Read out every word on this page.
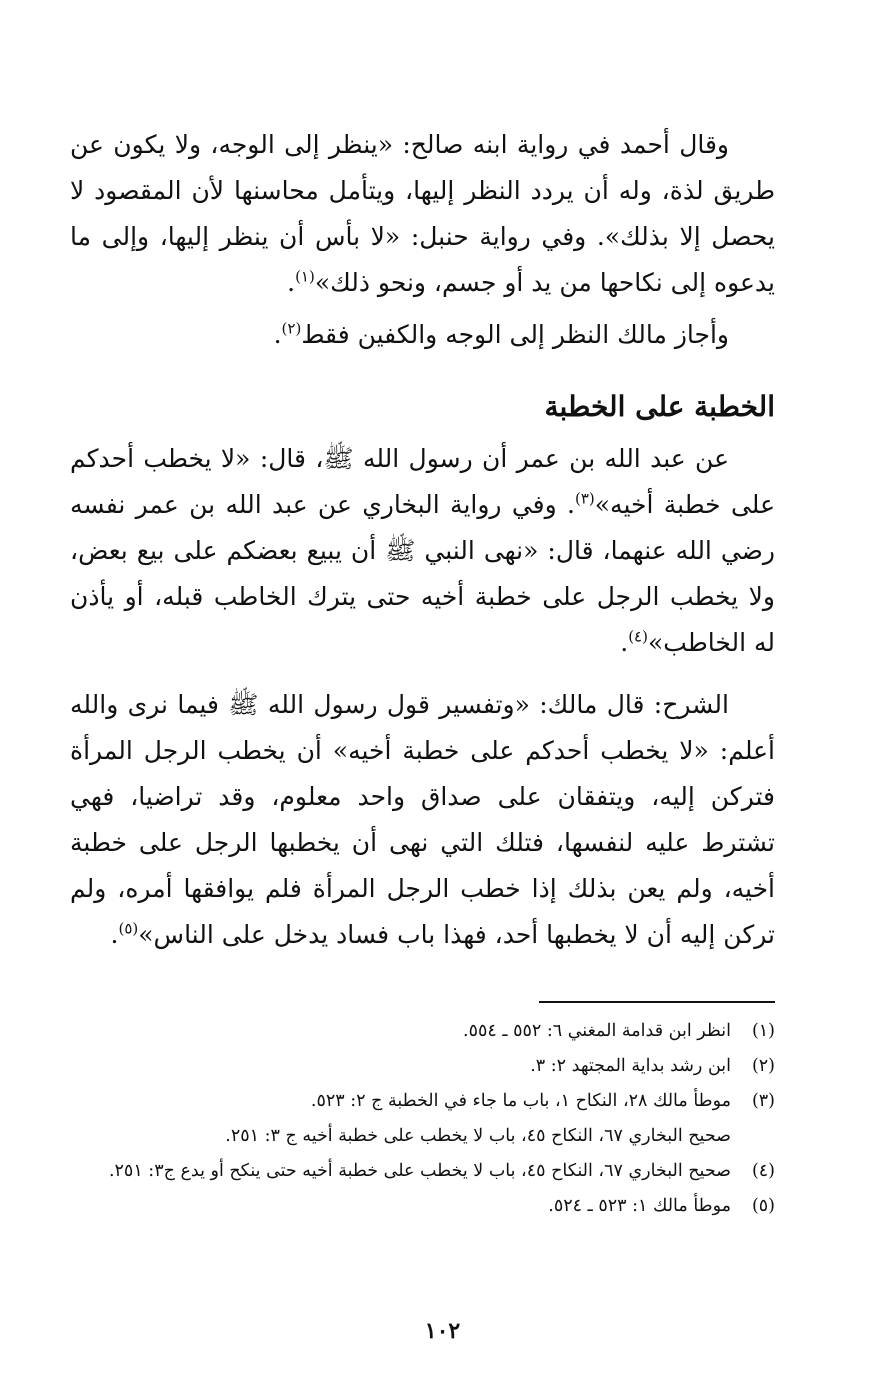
وقال أحمد في رواية ابنه صالح: «ينظر إلى الوجه، ولا يكون عن طريق لذة، وله أن يردد النظر إليها، ويتأمل محاسنها لأن المقصود لا يحصل إلا بذلك». وفي رواية حنبل: «لا بأس أن ينظر إليها، وإلى ما يدعوه إلى نكاحها من يد أو جسم، ونحو ذلك»$^{(١)}$.

وأجاز مالك النظر إلى الوجه والكفين فقط$^{(٢)}$.

الخطبة على الخطبة

عن عبد الله بن عمر أن رسول الله ﷺ، قال: «لا يخطب أحدكم على خطبة أخيه»$^{(٣)}$. وفي رواية البخاري عن عبد الله بن عمر نفسه رضي الله عنهما، قال: «نهى النبي ﷺ أن يبيع بعضكم على بيع بعض، ولا يخطب الرجل على خطبة أخيه حتى يترك الخاطب قبله، أو يأذن له الخاطب»$^{(٤)}$.

الشرح: قال مالك: «وتفسير قول رسول الله ﷺ فيما نرى والله أعلم: «لا يخطب أحدكم على خطبة أخيه» أن يخطب الرجل المرأة فتركن إليه، ويتفقان على صداق واحد معلوم، وقد تراضيا، فهي تشترط عليه لنفسها، فتلك التي نهى أن يخطبها الرجل على خطبة أخيه، ولم يعن بذلك إذا خطب الرجل المرأة فلم يوافقها أمره، ولم تركن إليه أن لا يخطبها أحد، فهذا باب فساد يدخل على الناس»$^{(٥)}$.

(١)
انظر ابن قدامة المغني ٦: ٥٥٢ ـ ٥٥٤.
(٢)
ابن رشد بداية المجتهد ٢: ٣.
(٣)
موطأ مالك ٢٨، النكاح ١، باب ما جاء في الخطبة ج ٢: ٥٢٣.
صحيح البخاري ٦٧، النكاح ٤٥، باب لا يخطب على خطبة أخيه ج ٣: ٢٥١.
(٤)
صحيح البخاري ٦٧، النكاح ٤٥، باب لا يخطب على خطبة أخيه حتى ينكح أو يدع ج٣: ٢٥١.
(٥)
موطأ مالك ١: ٥٢٣ ـ ٥٢٤.
١٠٢
